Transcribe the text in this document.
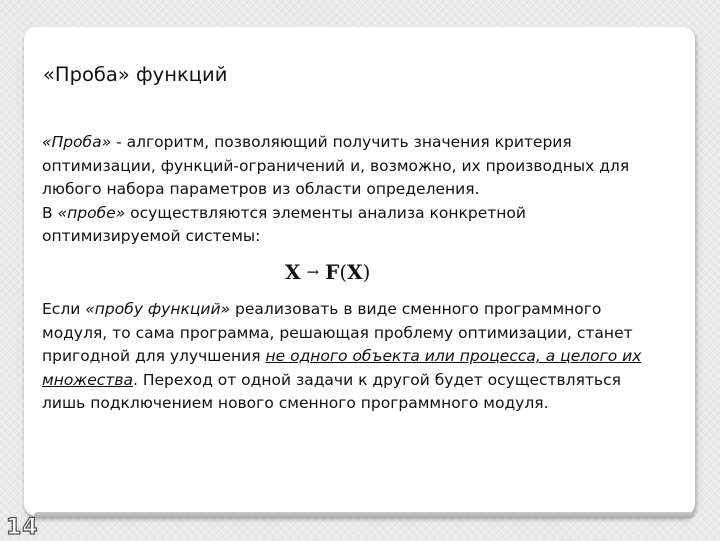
«Проба» функций
«Проба» - алгоритм, позволяющий получить значения критерия
оптимизации, функций-ограничений и, возможно, их производных для
любого набора параметров из области определения.
В «пробе» осуществляются элементы анализа конкретной
оптимизируемой системы:
X → F(X)
Если «пробу функций» реализовать в виде сменного программного
модуля, то сама программа, решающая проблему оптимизации, станет
пригодной для улучшения не одного объекта или процесса, а целого их
множества. Переход от одной задачи к другой будет осуществляться
лишь подключением нового сменного программного модуля.
14
